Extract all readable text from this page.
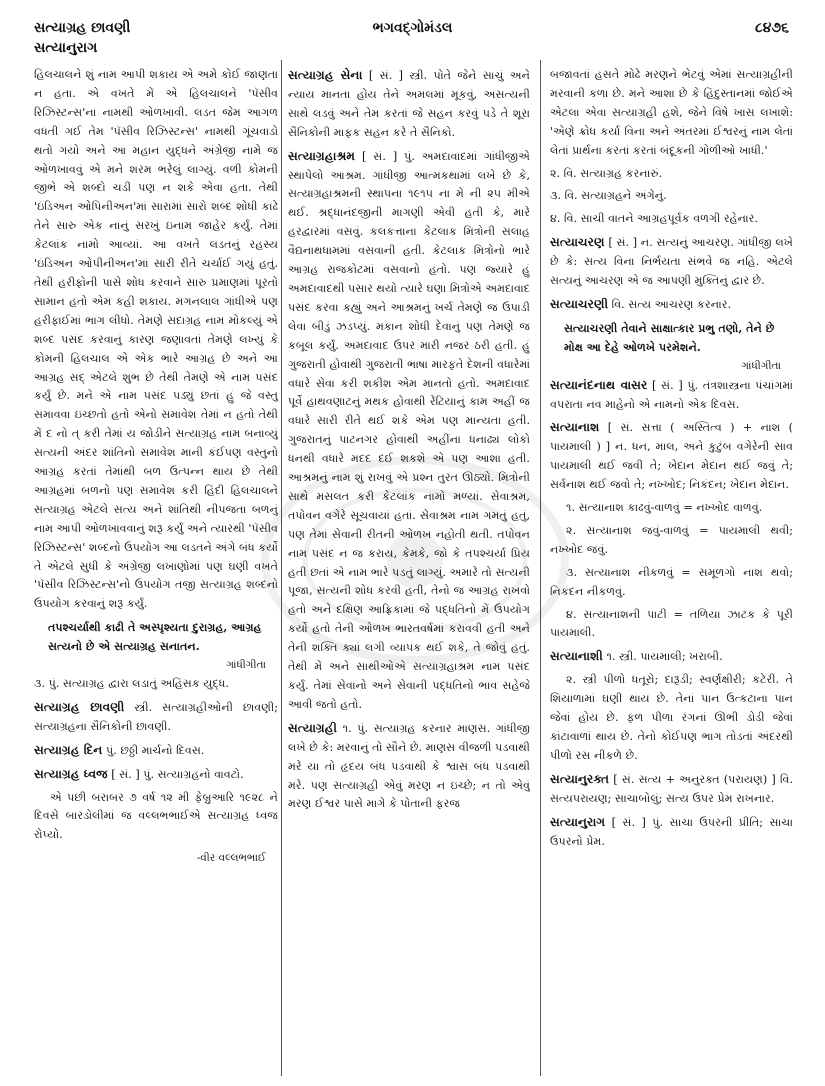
સત્યાગ્રહ છાવણી
સત્યાનુરાગ
ભગવદ્ગોમંડલ	૮૪૭૬

હિલચાલને શું નામ આપી શકાય એ અમે કોઈ જાણતા ન હતા. એ વખતે મેં એ હિલચાલને 'પૅસીવ રિઝિસ્ટન્સ'ના નામથી ઓળખાવી. લડત જેમ આગળ વધતી ગઈ તેમ 'પૅસીવ રિઝિસ્ટન્સ' નામથી ગૂંચવાડો થતો ગયો અને આ મહાન યુદ્ધને અંગ્રેજી નામે જ ઓળખાવવું એ મને શરમ ભરેલું લાગ્યું. વળી કોમની જીભે એ શબ્દો ચડી પણ ન શકે એવા હતા. તેથી 'ઇંડિઅન ઓપિનીઅન'માં સારામાં સારો શબ્દ શોધી કાઢે તેને સારુ એક નાનું સરખું ઇનામ જાહેર કર્યું. તેમાં કેટલાંક નામો આવ્યાં. આ વખતે લડતનું રહસ્ય 'ઇંડિઅન ઓપીનીઅન'માં સારી રીતે ચર્ચાઈ ગયું હતું. તેથી હરીફોની પાસે શોધ કરવાને સારુ પ્રમાણમાં પૂરતો સામાન હતો એમ કહી શકાય. મગનલાલ ગાંધીએ પણ હરીફાઈમાં ભાગ લીધો. તેમણે સદાગ્રહ નામ મોકલ્યું એ શબ્દ પસંદ કરવાનું કારણ જણાવતાં તેમણે લખ્યું કે કોમની હિલચાલ એ એક ભારે આગ્રહ છે અને આ આગ્રહ સદ્ એટલે શુભ છે તેથી તેમણે એ નામ પસંદ કર્યું છે. મને એ નામ પસંદ પડ્યું છતાં હું જે વસ્તુ સમાવવા ઇચ્છતો હતો એનો સમાવેશ તેમાં ન હતો તેથી મેં દ નો ત્ કરી તેમાં ય જોડીને સત્યાગ્રહ નામ બનાવ્યું સત્યની અંદર શાંતિનો સમાવેશ માની કંઈપણ વસ્તુનો આગ્રહ કરતાં તેમાંથી બળ ઉત્પન્ન થાય છે તેથી આગ્રહમાં બળનો પણ સમાવેશ કરી હિંદી હિલચાલને સત્યાગ્રહ એટલે સત્ય અને શાંતિથી નીપજતા બળનું નામ આપી ઓળખાવવાનું શરૂ કર્યું અને ત્યારથી 'પૅસીવ રિઝિસ્ટન્સ' શબ્દનો ઉપયોગ આ લડતને અંગે બંધ કર્યો તે એટલે સુધી કે અંગ્રેજી લખાણોમાં પણ ઘણી વખતે 'પૅસીવ રિઝિસ્ટન્સ'નો ઉપયોગ તજી સત્યાગ્રહ શબ્દનો ઉપયોગ કરવાનું શરૂ કર્યું.

તપશ્ચર્યાથી કાઢી તે અસ્પૃશ્યતા દુરાગ્રહ, આગ્રહ સત્યનો છે એ સત્યાગ્રહ સનાતન.
ગાંધીગીતા

૩. પું. સત્યાગ્રહ દ્વારા લડાતું અહિંસક યુદ્ધ.

સત્યાગ્રહ છાવણી સ્ત્રી. સત્યાગ્રહીઓની છાવણી; સત્યાગ્રહના સૈનિકોની છાવણી.

સત્યાગ્રહ દિન પું. છઠ્ઠી માર્ચનો દિવસ.

સત્યાગ્રહ ધ્વજ [ સં. ] પું. સત્યાગ્રહનો વાવટો.

એ પછી બરાબર ૭ વર્ષ ૧૨ મી ફેબ્રુઆરિ ૧૯૨૮ ને દિવસે બારડોલીમાં જ વલ્લભભાઈએ સત્યાગ્રહ ધ્વજ રોપ્યો.

-વીર વલ્લભભાઈ

સત્યાગ્રહ સેના [ સં. ] સ્ત્રી. પોતે જેને સાચું અને ન્યાય માનતા હોય તેને અમલમાં મૂકવું, અસત્યની સાથે લડવું અને તેમ કરતાં જે સહન કરવું પડે તે શૂરા સૈનિકોની માફક સહન કરે તે સૈનિકો.

સત્યાગ્રહાશ્રમ [ સં. ] પું. અમદાવાદમાં ગાંધીજીએ સ્થાપેલો આશ્રમ. ગાંધીજી આત્મકથામાં લખે છે કે, સત્યાગ્રહાશ્રમની સ્થાપના ૧૯૧૫ ના મે ની ૨૫ મીએ થઈ. શ્રદ્ધાનંદજીની માગણી એવી હતી કે, મારે હરદ્વારમાં વસવું. કલકત્તાના કેટલાક મિત્રોની સલાહ વૈદ્યનાથધામમાં વસવાની હતી. કેટલાક મિત્રોનો ભારે આગ્રહ રાજકોટમાં વસવાનો હતો. પણ જ્યારે હું અમદાવાદથી પસાર થયો ત્યારે ઘણા મિત્રોએ અમદાવાદ પસંદ કરવા કહ્યું અને આશ્રમનું ખર્ચ તેમણે જ ઉપાડી લેવા બીડું ઝડપ્યું. મકાન શોધી દેવાનું પણ તેમણે જ કબૂલ કર્યું. અમદાવાદ ઉપર મારી નજર ઠરી હતી. હું ગુજરાતી હોવાથી ગુજરાતી ભાષા મારફતે દેશની વધારેમાં વધારે સેવા કરી શકીશ એમ માનતો હતો. અમદાવાદ પૂર્વે હાથવણાટનું મથક હોવાથી રેંટિયાનું કામ અહીં જ વધારે સારી રીતે થઈ શકે એમ પણ માન્યતા હતી. ગુજરાતનું પાટનગર હોવાથી અહીંના ધનાઢ્ય લોકો ધનથી વધારે મદદ દઈ શકશે એ પણ આશા હતી. આશ્રમનું નામ શું રાખવું એ પ્રશ્ન તુરત ઊઠ્યો. મિત્રોની સાથે મસલત કરી કેટલાંક નામો મળ્યાં. સેવાશ્રમ, તપોવન વગેરે સૂચવાયાં હતાં. સેવાશ્રમ નામ ગમતું હતું, પણ તેમાં સેવાની રીતની ઓળખ નહોતી થતી. તપોવન નામ પસંદ ન જ કરાય, કેમકે, જો કે તપશ્ચર્યા પ્રિય હતી છતાં એ નામ ભારે પડતું લાગ્યું. અમારે તો સત્યની પૂજા, સત્યની શોધ કરવી હતી, તેનો જ આગ્રહ રાખવો હતો અને દક્ષિણ આફ્રિકામાં જે પદ્ધતિનો મેં ઉપયોગ કર્યો હતો તેની ઓળખ ભારતવર્ષમાં કરાવવી હતી અને તેની શક્તિ ક્યાં લગી વ્યાપક થઈ શકે, તે જોવું હતું. તેથી મેં અને સાથીઓએ સત્યાગ્રહાશ્રમ નામ પસંદ કર્યું. તેમાં સેવાનો અને સેવાની પદ્ધતિનો ભાવ સહેજે આવી જતો હતો.

સત્યાગ્રહી ૧. પું. સત્યાગ્રહ કરનાર માણસ. ગાંધીજી લખે છે કે: મરવાનું તો સૌને છે. માણસ વીજળી પડવાથી મરે યા તો હૃદય બંધ પડવાથી કે શ્વાસ બંધ પડવાથી મરે. પણ સત્યાગ્રહી એવું મરણ ન ઇચ્છે; ન તો એવું મરણ ઈશ્વર પાસે માગે કે પોતાની ફરજ

બજાવતાં હસતે મોઢે મરણને ભેટવું એમાં સત્યાગ્રહીની મરવાની કળા છે. મને આશા છે કે હિંદુસ્તાનમાં જોઈએ એટલા એવા સત્યાગ્રહી હશે, જેને વિષે ખાસ લખાશે: 'એણે ક્રોધ કર્યા વિના અને અંતરમાં ઈશ્વરનું નામ લેતાં લેતાં પ્રાર્થના કરતાં કરતાં બંદૂકની ગોળીઓ ખાધી.'

૨. વિ. સત્યાગ્રહ કરનારું.

૩. વિ. સત્યાગ્રહને અંગેનું.

૪. વિ. સાચી વાતને આગ્રહપૂર્વક વળગી રહેનાર.

સત્યાચરણ [ સં. ] ન. સત્યનું આચરણ. ગાંધીજી લખે છે કે: સત્ય વિના નિર્ભયતા સંભવે જ નહિ. એટલે સત્યનું આચરણ એ જ આપણી મુક્તિનું દ્વાર છે.

સત્યાચરણી વિ. સત્ય આચરણ કરનાર.

સત્યાચરણી તેવાને સાક્ષાત્કાર પ્રભુ તણો, તેને છે મોક્ષ આ દેહે ઓળખે પરમેશને.
ગાંધીગીતા

સત્યાનંદનાથ વાસર [ સં. ] પું. તંત્રશાસ્ત્રના પંચાંગમાં વપરાતા નવ માહેનો એ નામનો એક દિવસ.

સત્યાનાશ [ સં. સત્તા ( અસ્તિત્વ ) + નાશ ( પાયમાલી ) ] ન. ધન, માલ, અને કુટુંબ વગેરેની સાવ પાયમાલી થઈ જવી તે; ખેદાન મેદાન થઈ જવું તે; સર્વનાશ થઈ જવો તે; નખ્ખોદ; નિકંદન; ખેદાન મેદાન.

૧. સત્યાનાશ કાઢવું-વાળવું = નખ્ખોદ વાળવું.

૨. સત્યાનાશ જવું-વાળવું = પાયમાલી થવી; નખ્ખોદ જવું.

૩. સત્યાનાશ નીકળવું = સમૂળગો નાશ થવો; નિકંદન નીકળવું.

૪. સત્યાનાશની પાટી = તળિયા ઝાટક કે પૂરી પાયમાલી.

સત્યાનાશી ૧. સ્ત્રી. પાયમાલી; ખરાબી.

૨. સ્ત્રી પીળો ધતૂરો; દારૂડી; સ્વર્ણક્ષીરી; કટેરી. તે શિયાળામાં ઘણી થાય છે. તેનાં પાન ઉત્કટાના પાન જેવાં હોય છે. ફળ પીળા રંગનાં ઊભી ડોડી જેવાં કાંટાવાળાં થાય છે. તેનો કોઈપણ ભાગ તોડતાં અંદરથી પીળો રસ નીકળે છે.

સત્યાનુરક્ત [ સં. સત્ય + અનુરક્ત (પરાયણ) ] વિ. સત્યપરાયણ; સાચાબોલું; સત્ય ઉપર પ્રેમ રાખનાર.

સત્યાનુરાગ [ સં. ] પું. સાચા ઉપરની પ્રીતિ; સાચા ઉપરનો પ્રેમ.
